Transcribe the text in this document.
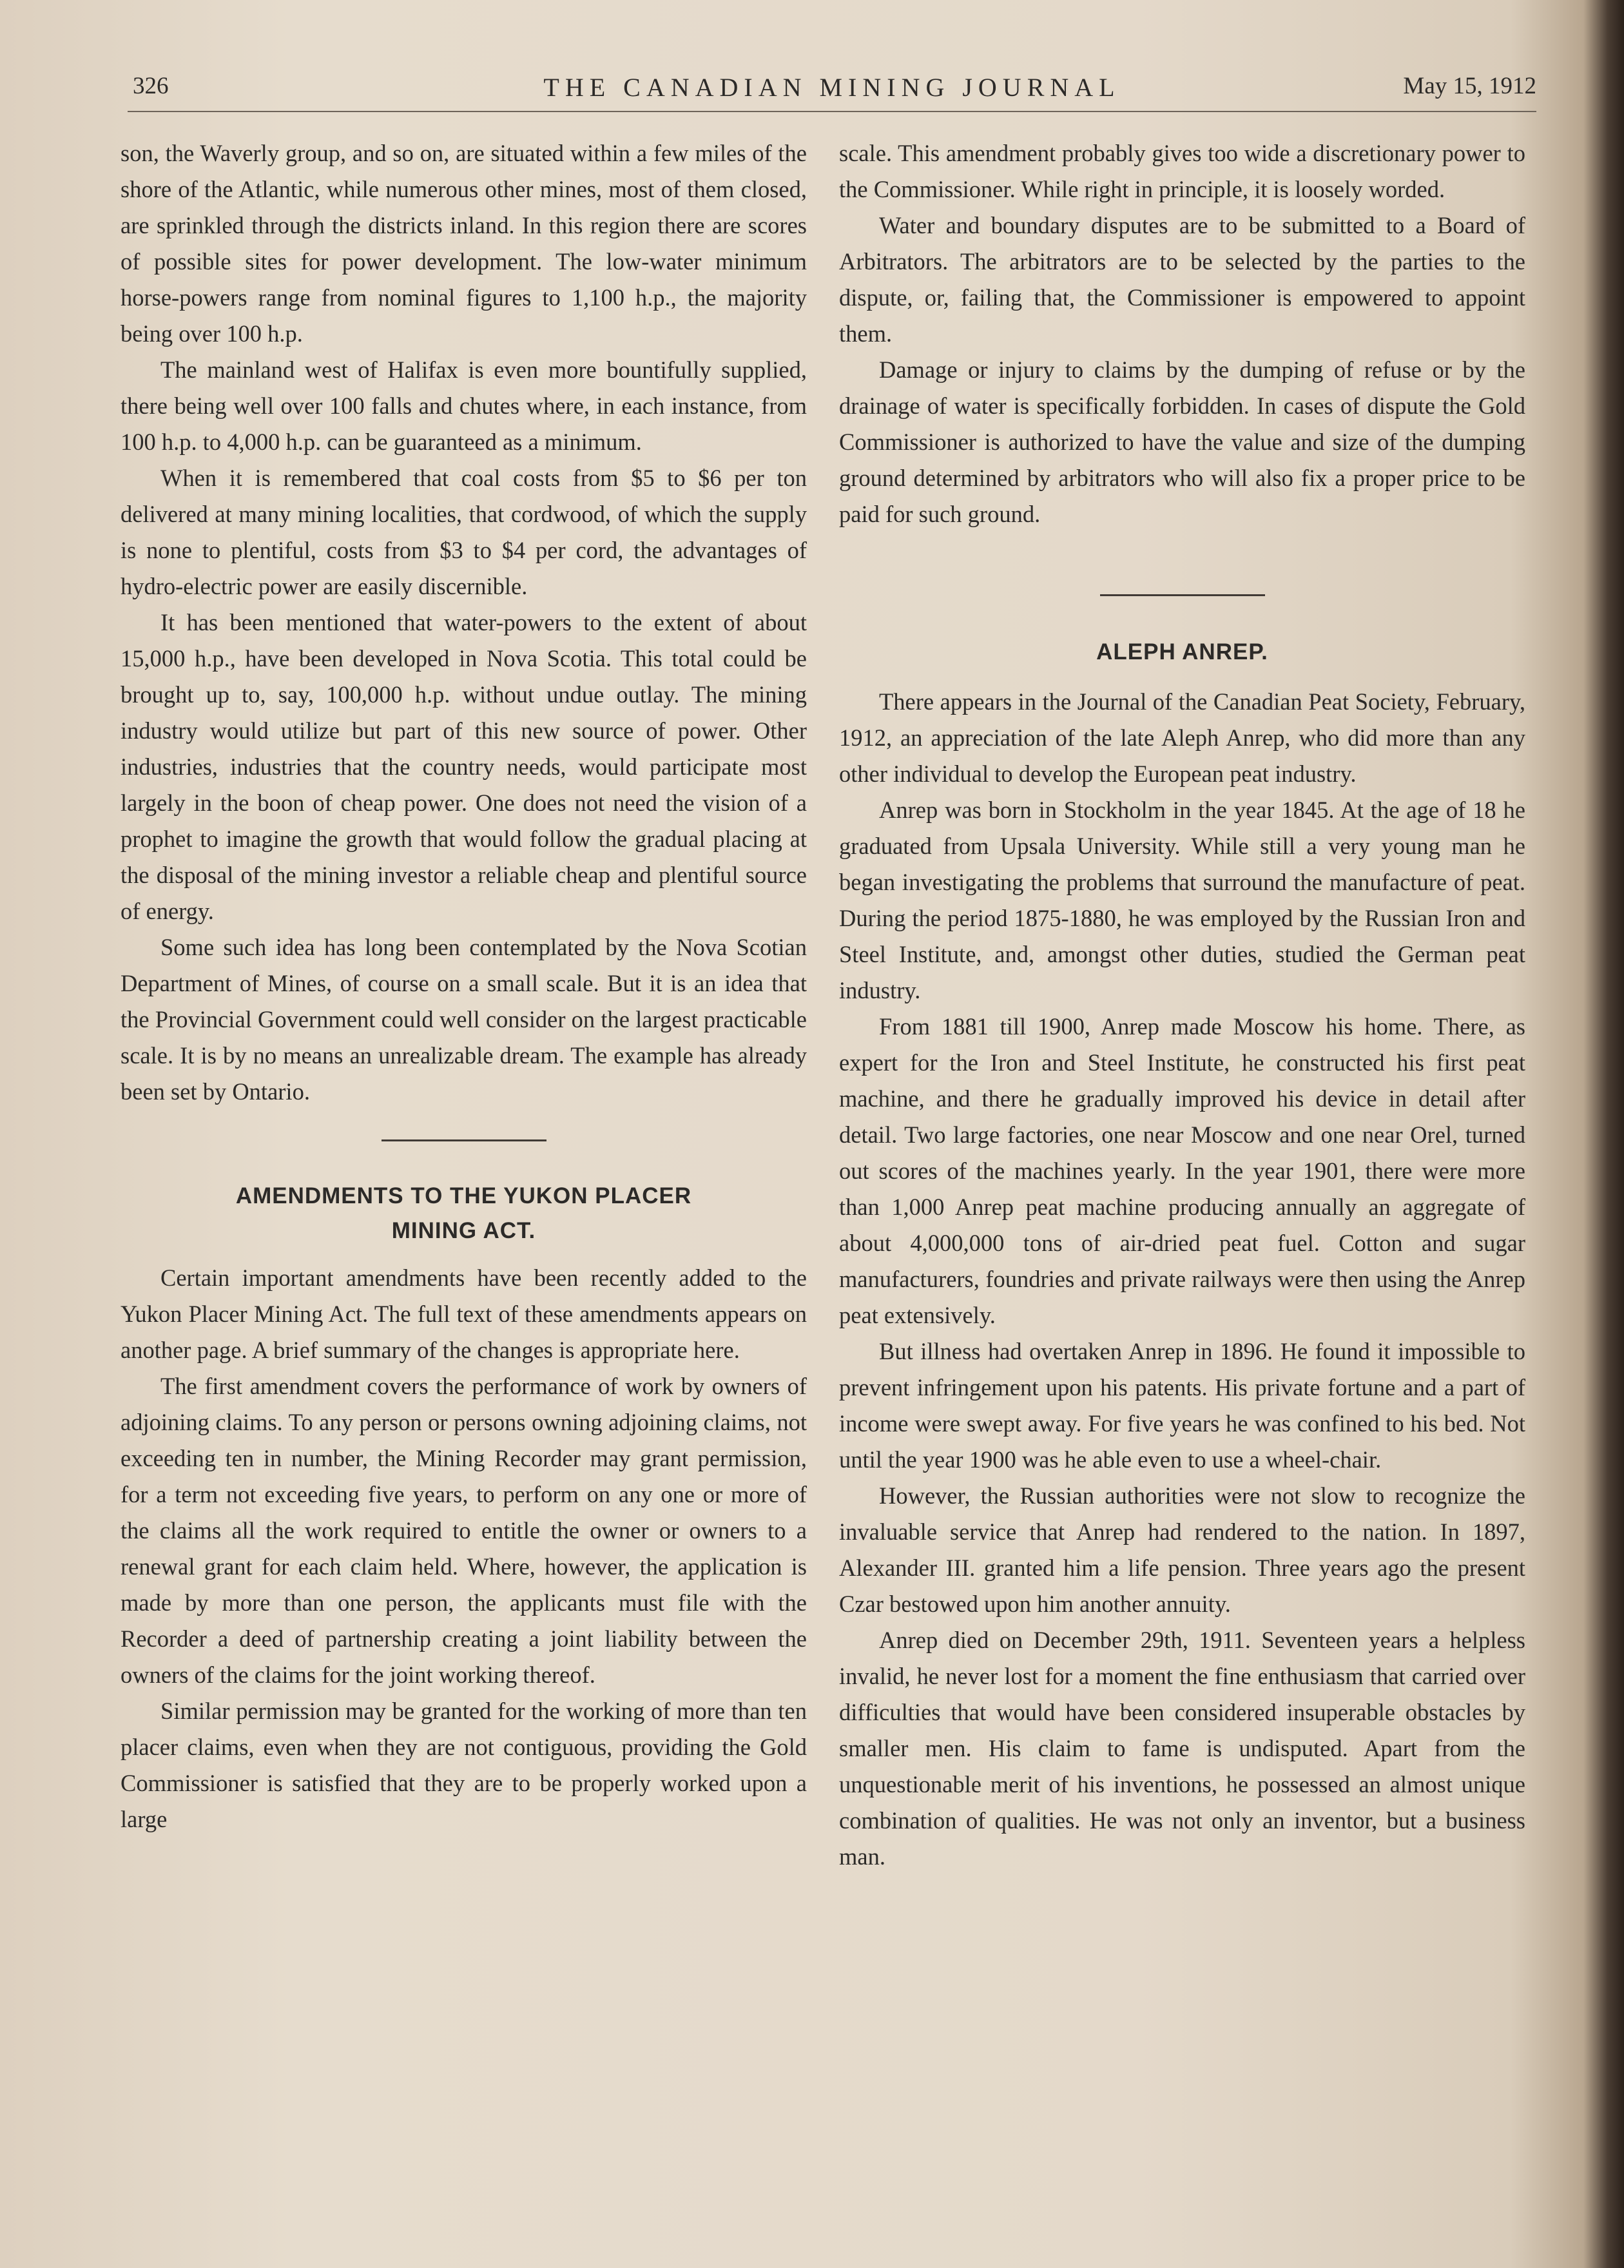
326	THE CANADIAN MINING JOURNAL	May 15, 1912

son, the Waverly group, and so on, are situated within a few miles of the shore of the Atlantic, while numerous other mines, most of them closed, are sprinkled through the districts inland. In this region there are scores of possible sites for power development. The low-water minimum horse-powers range from nominal figures to 1,100 h.p., the majority being over 100 h.p.

The mainland west of Halifax is even more bountifully supplied, there being well over 100 falls and chutes where, in each instance, from 100 h.p. to 4,000 h.p. can be guaranteed as a minimum.

When it is remembered that coal costs from $5 to $6 per ton delivered at many mining localities, that cordwood, of which the supply is none to plentiful, costs from $3 to $4 per cord, the advantages of hydro-electric power are easily discernible.

It has been mentioned that water-powers to the extent of about 15,000 h.p., have been developed in Nova Scotia. This total could be brought up to, say, 100,000 h.p. without undue outlay. The mining industry would utilize but part of this new source of power. Other industries, industries that the country needs, would participate most largely in the boon of cheap power. One does not need the vision of a prophet to imagine the growth that would follow the gradual placing at the disposal of the mining investor a reliable cheap and plentiful source of energy.

Some such idea has long been contemplated by the Nova Scotian Department of Mines, of course on a small scale. But it is an idea that the Provincial Government could well consider on the largest practicable scale. It is by no means an unrealizable dream. The example has already been set by Ontario.

AMENDMENTS TO THE YUKON PLACER
MINING ACT.

Certain important amendments have been recently added to the Yukon Placer Mining Act. The full text of these amendments appears on another page. A brief summary of the changes is appropriate here.

The first amendment covers the performance of work by owners of adjoining claims. To any person or persons owning adjoining claims, not exceeding ten in number, the Mining Recorder may grant permission, for a term not exceeding five years, to perform on any one or more of the claims all the work required to entitle the owner or owners to a renewal grant for each claim held. Where, however, the application is made by more than one person, the applicants must file with the Recorder a deed of partnership creating a joint liability between the owners of the claims for the joint working thereof.

Similar permission may be granted for the working of more than ten placer claims, even when they are not contiguous, providing the Gold Commissioner is satisfied that they are to be properly worked upon a large

scale. This amendment probably gives too wide a discretionary power to the Commissioner. While right in principle, it is loosely worded.

Water and boundary disputes are to be submitted to a Board of Arbitrators. The arbitrators are to be selected by the parties to the dispute, or, failing that, the Commissioner is empowered to appoint them.

Damage or injury to claims by the dumping of refuse or by the drainage of water is specifically forbidden. In cases of dispute the Gold Commissioner is authorized to have the value and size of the dumping ground determined by arbitrators who will also fix a proper price to be paid for such ground.

ALEPH ANREP.

There appears in the Journal of the Canadian Peat Society, February, 1912, an appreciation of the late Aleph Anrep, who did more than any other individual to develop the European peat industry.

Anrep was born in Stockholm in the year 1845. At the age of 18 he graduated from Upsala University. While still a very young man he began investigating the problems that surround the manufacture of peat. During the period 1875-1880, he was employed by the Russian Iron and Steel Institute, and, amongst other duties, studied the German peat industry.

From 1881 till 1900, Anrep made Moscow his home. There, as expert for the Iron and Steel Institute, he constructed his first peat machine, and there he gradually improved his device in detail after detail. Two large factories, one near Moscow and one near Orel, turned out scores of the machines yearly. In the year 1901, there were more than 1,000 Anrep peat machine producing annually an aggregate of about 4,000,000 tons of air-dried peat fuel. Cotton and sugar manufacturers, foundries and private railways were then using the Anrep peat extensively.

But illness had overtaken Anrep in 1896. He found it impossible to prevent infringement upon his patents. His private fortune and a part of income were swept away. For five years he was confined to his bed. Not until the year 1900 was he able even to use a wheel-chair.

However, the Russian authorities were not slow to recognize the invaluable service that Anrep had rendered to the nation. In 1897, Alexander III. granted him a life pension. Three years ago the present Czar bestowed upon him another annuity.

Anrep died on December 29th, 1911. Seventeen years a helpless invalid, he never lost for a moment the fine enthusiasm that carried over difficulties that would have been considered insuperable obstacles by smaller men. His claim to fame is undisputed. Apart from the unquestionable merit of his inventions, he possessed an almost unique combination of qualities. He was not only an inventor, but a business man.
